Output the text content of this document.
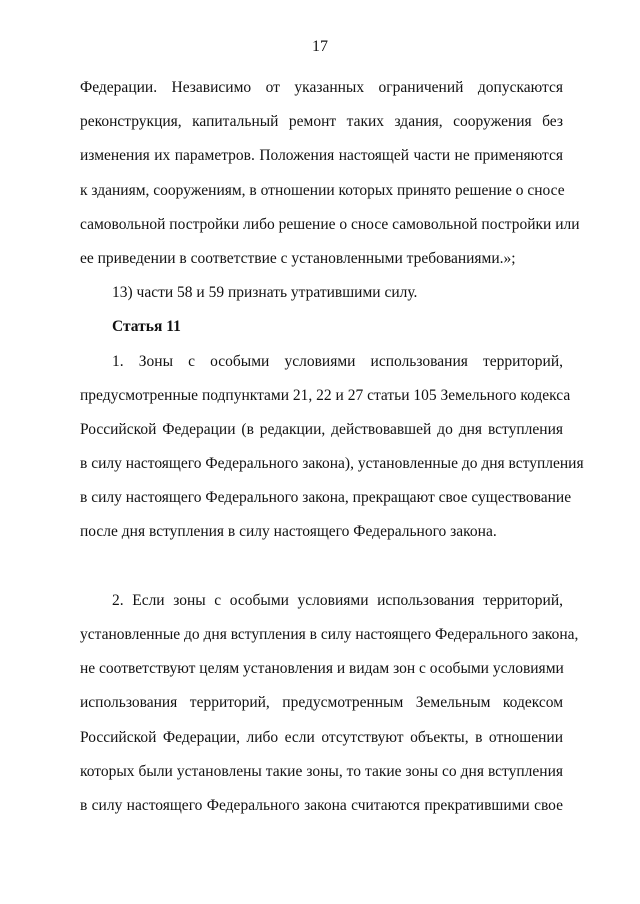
17
Федерации. Независимо от указанных ограничений допускаются
реконструкция, капитальный ремонт таких здания, сооружения без
изменения их параметров. Положения настоящей части не применяются
к зданиям, сооружениям, в отношении которых принято решение о сносе
самовольной постройки либо решение о сносе самовольной постройки или
ее приведении в соответствие с установленными требованиями.»;
13) части 58 и 59 признать утратившими силу.
Статья 11
1. Зоны с особыми условиями использования территорий,
предусмотренные подпунктами 21, 22 и 27 статьи 105 Земельного кодекса
Российской Федерации (в редакции, действовавшей до дня вступления
в силу настоящего Федерального закона), установленные до дня вступления
в силу настоящего Федерального закона, прекращают свое существование
после дня вступления в силу настоящего Федерального закона.
2. Если зоны с особыми условиями использования территорий,
установленные до дня вступления в силу настоящего Федерального закона,
не соответствуют целям установления и видам зон с особыми условиями
использования территорий, предусмотренным Земельным кодексом
Российской Федерации, либо если отсутствуют объекты, в отношении
которых были установлены такие зоны, то такие зоны со дня вступления
в силу настоящего Федерального закона считаются прекратившими свое
